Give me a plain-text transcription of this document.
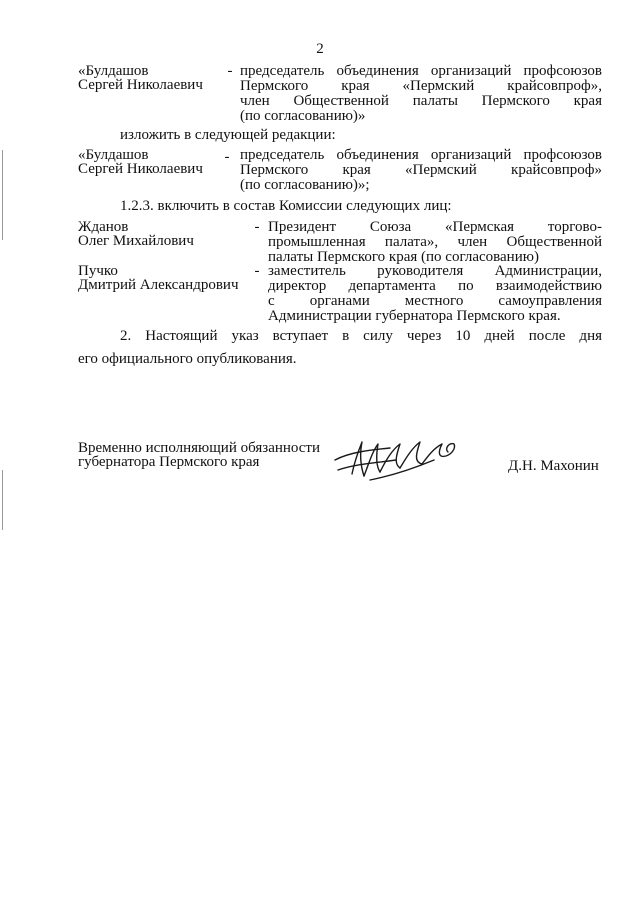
2
«Булдашов
Сергей Николаевич
- председатель объединения организаций профсоюзов
Пермского края «Пермский крайсовпроф»,
член Общественной палаты Пермского края
(по согласованию)»
изложить в следующей редакции:
«Булдашов
Сергей Николаевич
- председатель объединения организаций профсоюзов
Пермского края «Пермский крайсовпроф»
(по согласованию)»;
1.2.3. включить в состав Комиссии следующих лиц:
Жданов
Олег Михайлович
- Президент Союза «Пермская торгово-
промышленная палата», член Общественной
палаты Пермского края (по согласованию)
Пучко
Дмитрий Александрович
- заместитель руководителя Администрации,
директор департамента по взаимодействию
с органами местного самоуправления
Администрации губернатора Пермского края.
2. Настоящий указ вступает в силу через 10 дней после дня
его официального опубликования.
Временно исполняющий обязанности
губернатора Пермского края	Д.Н. Махонин
